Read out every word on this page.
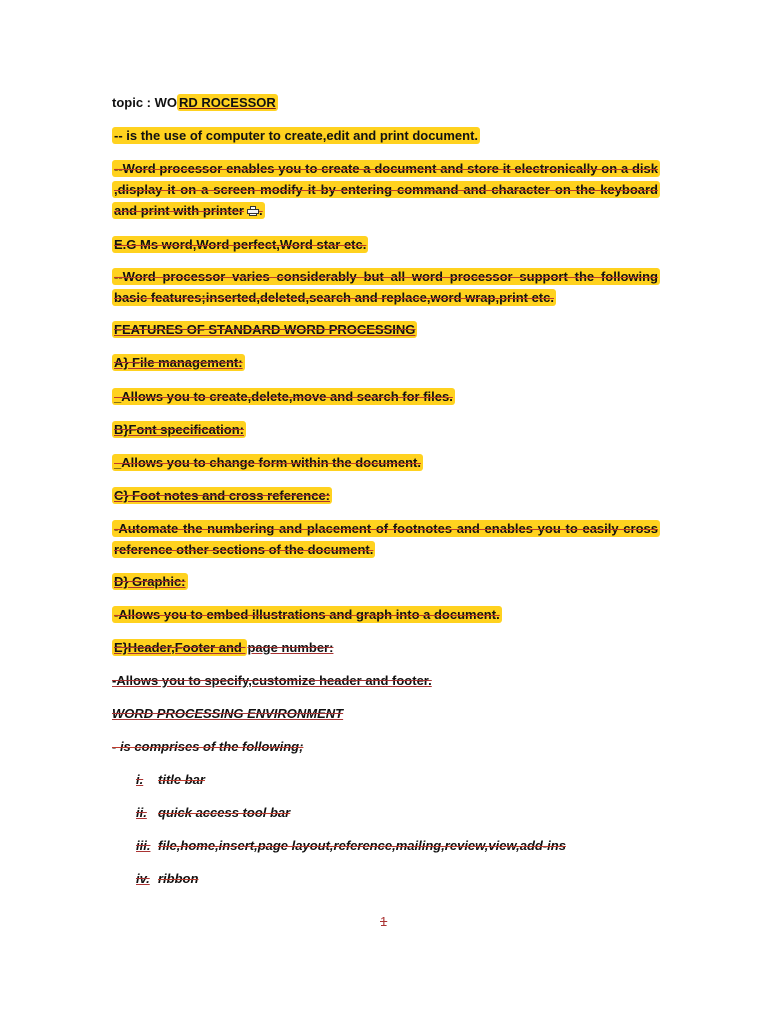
topic : WO RD ROCESSOR
-- is the use of computer to create,edit and print document.
--Word processor enables you to create a document and store it electronically on a disk ,display it on a screen modify it by entering command and character on the keyboard and print with printer .
E.G Ms word,Word perfect,Word star etc.
--Word processor varies considerably but all word processor support the following basic features;inserted,deleted,search and replace,word wrap,print etc.
FEATURES OF STANDARD WORD PROCESSING
A} File management:
_Allows you to create,delete,move and search for files.
B}Font specification:
_Allows you to change form within the document.
C} Foot notes and cross reference:
-Automate the numbering and placement of footnotes and enables you to easily cross reference other sections of the document.
D} Graphic:
-Allows you to embed illustrations and graph into a document.
E}Header,Footer and page number:
-Allows you to specify,customize header and footer.
WORD PROCESSING ENVIRONMENT
- is comprises of the following;
i. title bar
ii. quick access tool bar
iii. file,home,insert,page layout,reference,mailing,review,view,add-ins
iv. ribbon
1
